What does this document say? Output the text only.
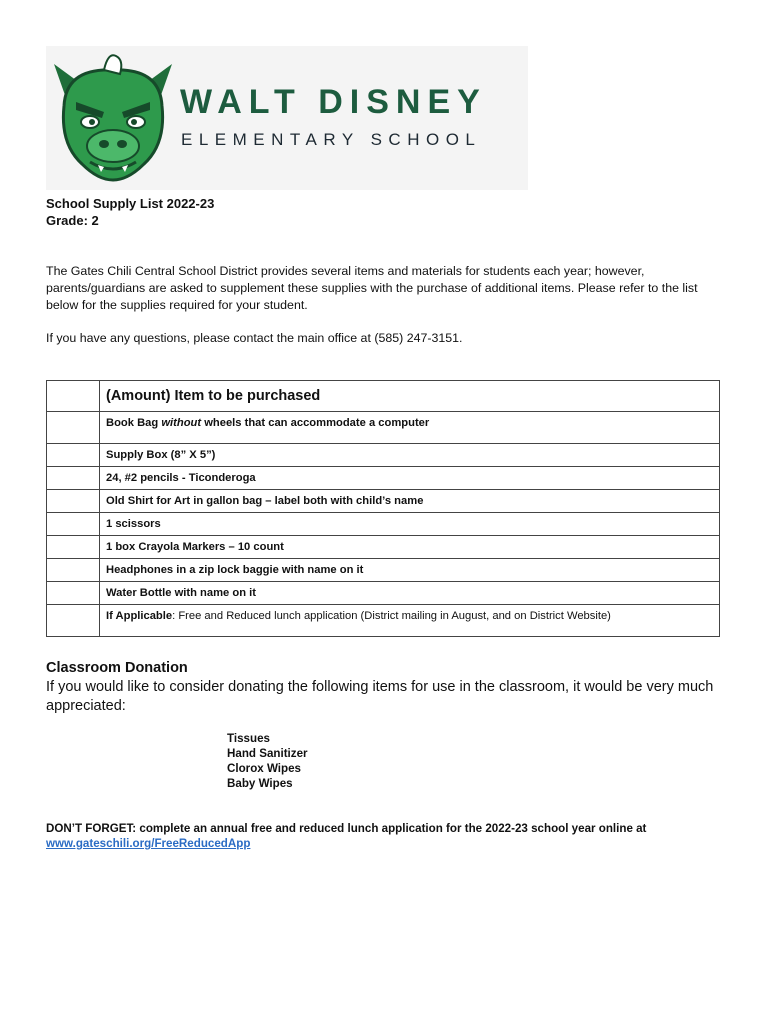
WALT DISNEY
ELEMENTARY SCHOOL
School Supply List 2022-23
Grade: 2
The Gates Chili Central School District provides several items and materials for students each year; however, parents/guardians are asked to supplement these supplies with the purchase of additional items. Please refer to the list below for the supplies required for your student.
If you have any questions, please contact the main office at (585) 247-3151.
	(Amount) Item to be purchased
	Book Bag without wheels that can accommodate a computer
	Supply Box (8” X 5”)
	24, #2 pencils - Ticonderoga
	Old Shirt for Art in gallon bag – label both with child’s name
	1 scissors
	1 box Crayola Markers – 10 count
	Headphones in a zip lock baggie with name on it
	Water Bottle with name on it
	If Applicable: Free and Reduced lunch application (District mailing in August, and on District Website)
Classroom Donation
If you would like to consider donating the following items for use in the classroom, it would be very much appreciated:
Tissues
Hand Sanitizer
Clorox Wipes
Baby Wipes
DON’T FORGET: complete an annual free and reduced lunch application for the 2022-23 school year online at
www.gateschili.org/FreeReducedApp
